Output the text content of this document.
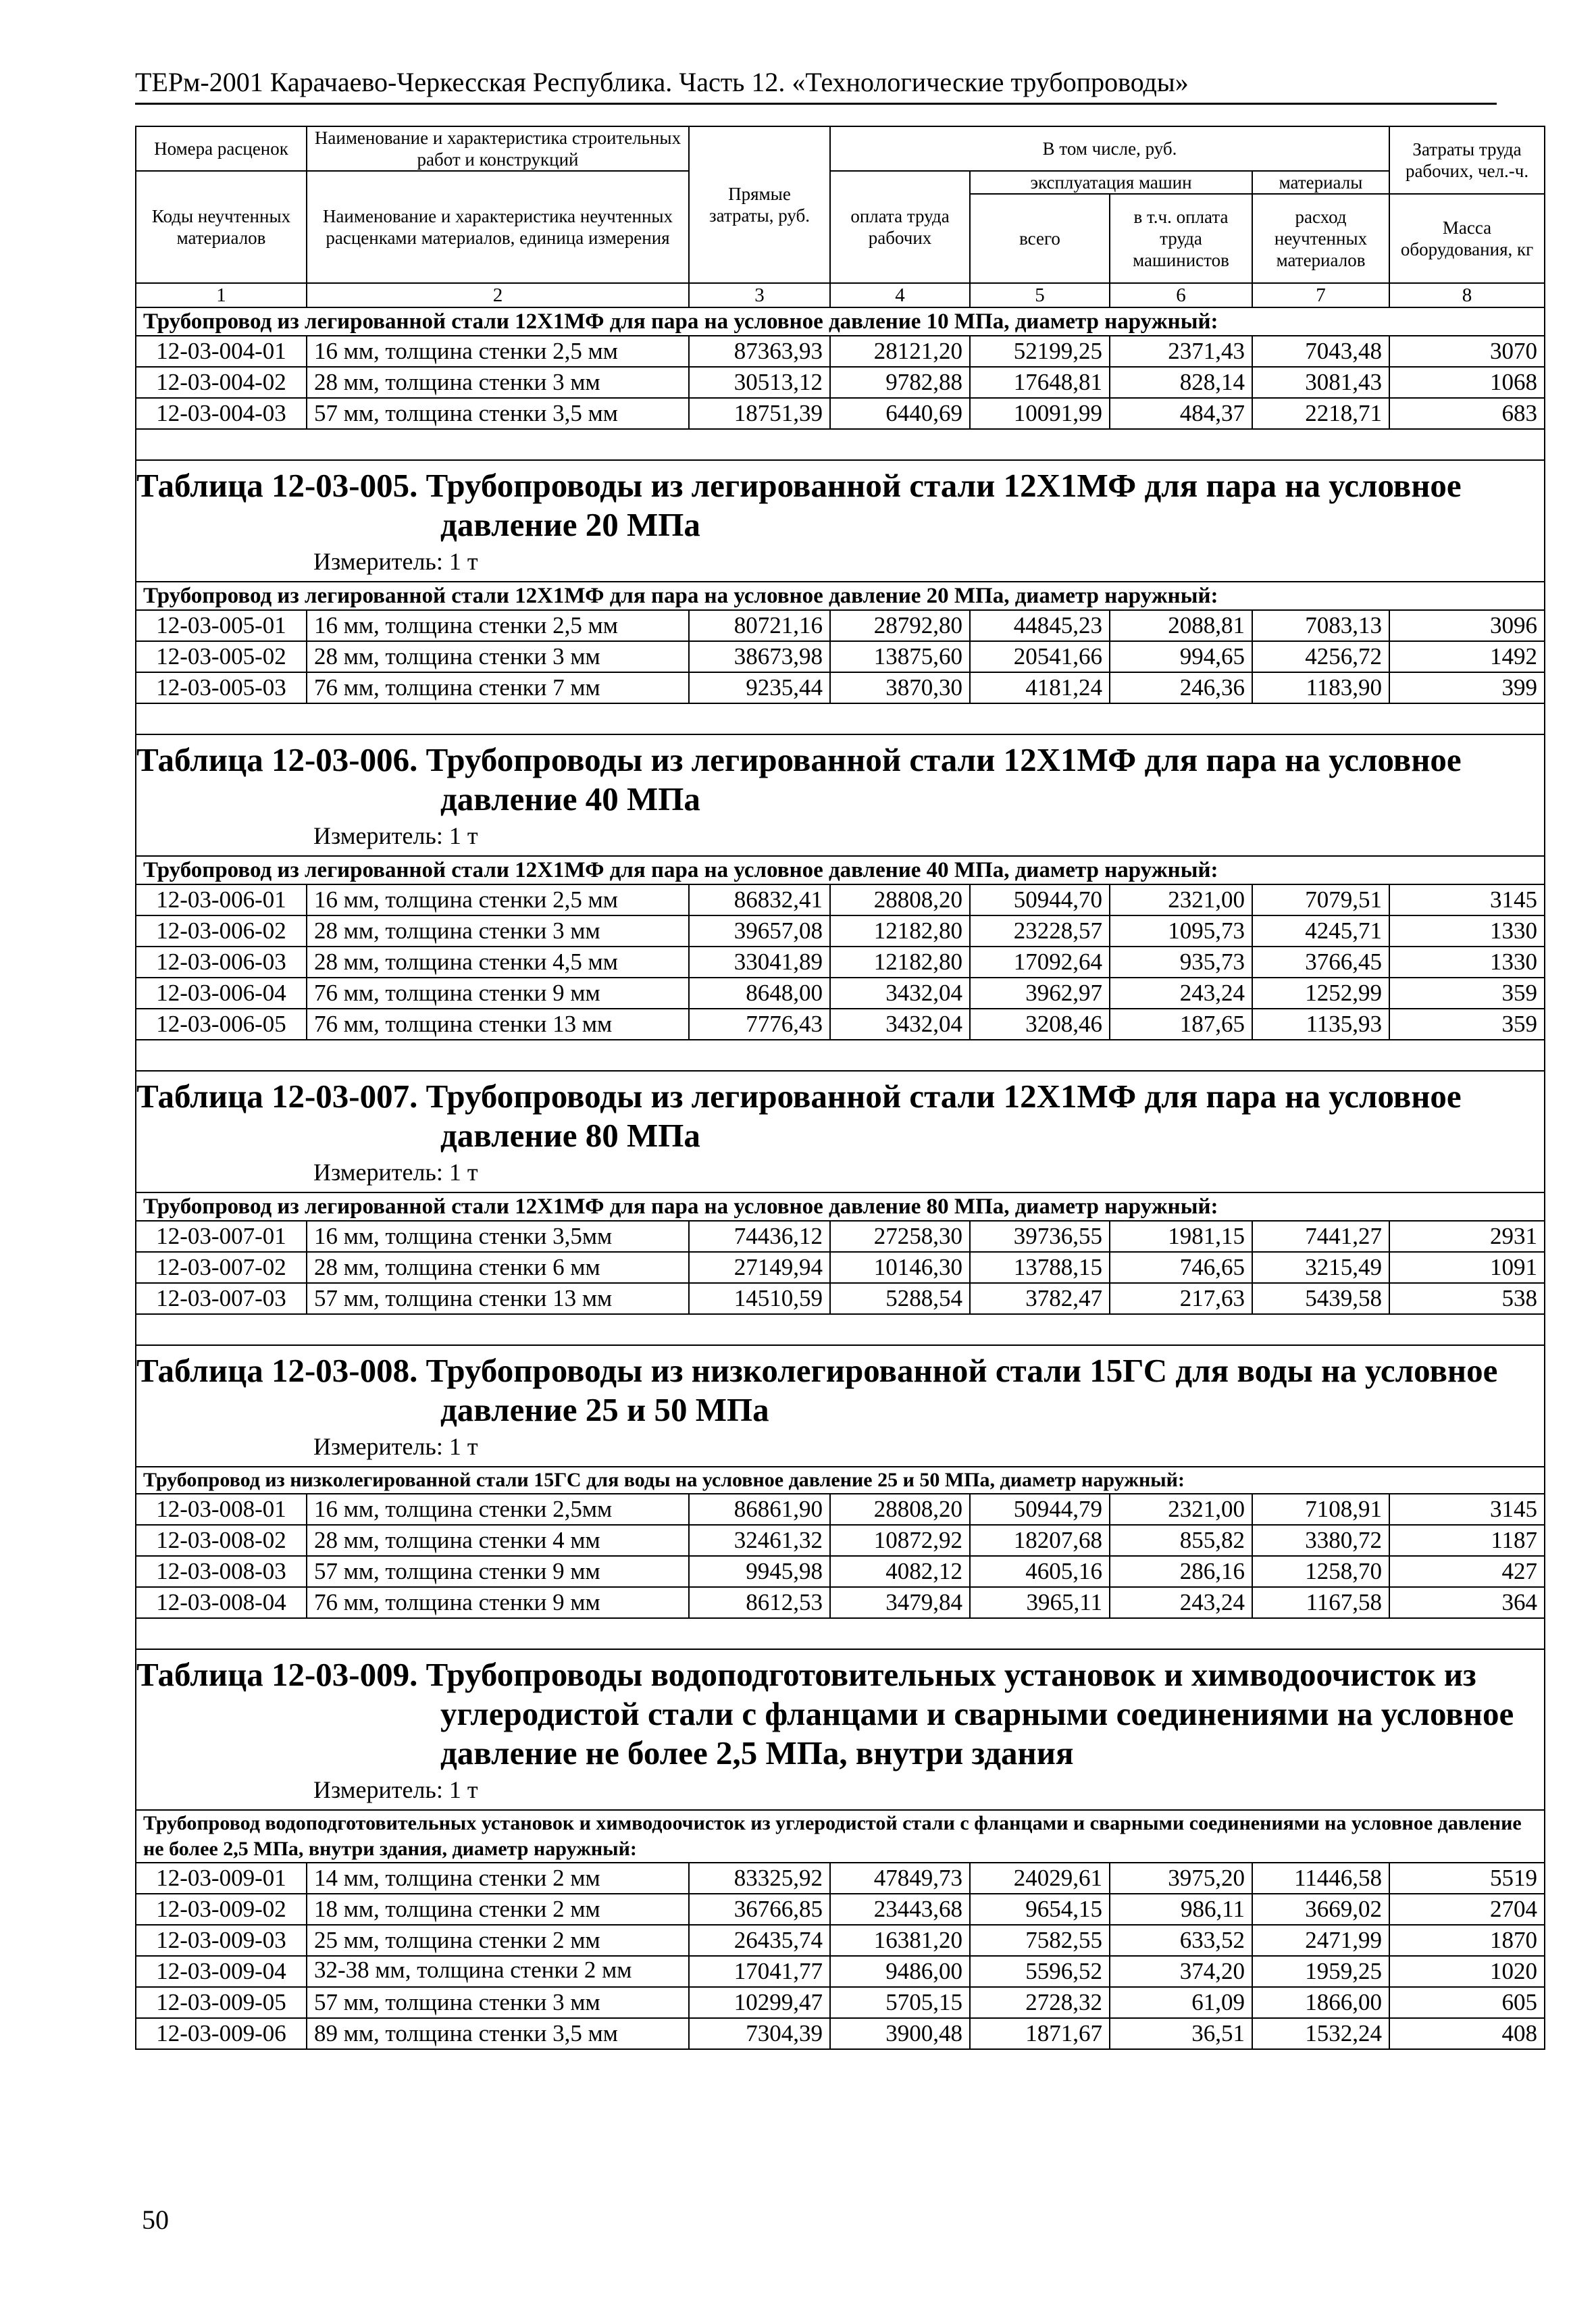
ТЕРм-2001 Карачаево-Черкесская Республика. Часть 12. «Технологические трубопроводы»
Номера расценок	Наименование и характеристика строительных работ и конструкций	Прямые затраты, руб.	В том числе, руб.				Затраты труда рабочих, чел.-ч.
Коды неучтенных материалов	Наименование и характеристика неучтенных расценками материалов, единица измерения		оплата труда рабочих	эксплуатация машин		материалы	
				всего	в т.ч. оплата труда машинистов	расход неучтенных материалов	Масса оборудования, кг
1	2	3	4	5	6	7	8
Трубопровод из легированной стали 12Х1МФ для пара на условное давление 10 МПа, диаметр наружный:							
12-03-004-01	16 мм, толщина стенки 2,5 мм	87363,93	28121,20	52199,25	2371,43	7043,48	3070
12-03-004-02	28 мм, толщина стенки 3 мм	30513,12	9782,88	17648,81	828,14	3081,43	1068
12-03-004-03	57 мм, толщина стенки 3,5 мм	18751,39	6440,69	10091,99	484,37	2218,71	683

Таблица 12-03-005. Трубопроводы из легированной стали 12Х1МФ для пара на условное давление 20 МПа

Измеритель: 1 т							

Трубопровод из легированной стали 12Х1МФ для пара на условное давление 20 МПа, диаметр наружный:							
12-03-005-01	16 мм, толщина стенки 2,5 мм	80721,16	28792,80	44845,23	2088,81	7083,13	3096
12-03-005-02	28 мм, толщина стенки 3 мм	38673,98	13875,60	20541,66	994,65	4256,72	1492
12-03-005-03	76 мм, толщина стенки 7 мм	9235,44	3870,30	4181,24	246,36	1183,90	399

Таблица 12-03-006. Трубопроводы из легированной стали 12Х1МФ для пара на условное давление 40 МПа

Измеритель: 1 т							

Трубопровод из легированной стали 12Х1МФ для пара на условное давление 40 МПа, диаметр наружный:							
12-03-006-01	16 мм, толщина стенки 2,5 мм	86832,41	28808,20	50944,70	2321,00	7079,51	3145
12-03-006-02	28 мм, толщина стенки 3 мм	39657,08	12182,80	23228,57	1095,73	4245,71	1330
12-03-006-03	28 мм, толщина стенки 4,5 мм	33041,89	12182,80	17092,64	935,73	3766,45	1330
12-03-006-04	76 мм, толщина стенки 9 мм	8648,00	3432,04	3962,97	243,24	1252,99	359
12-03-006-05	76 мм, толщина стенки 13 мм	7776,43	3432,04	3208,46	187,65	1135,93	359

Таблица 12-03-007. Трубопроводы из легированной стали 12Х1МФ для пара на условное давление 80 МПа

Измеритель: 1 т							

Трубопровод из легированной стали 12Х1МФ для пара на условное давление 80 МПа, диаметр наружный:							
12-03-007-01	16 мм, толщина стенки 3,5мм	74436,12	27258,30	39736,55	1981,15	7441,27	2931
12-03-007-02	28 мм, толщина стенки 6 мм	27149,94	10146,30	13788,15	746,65	3215,49	1091
12-03-007-03	57 мм, толщина стенки 13 мм	14510,59	5288,54	3782,47	217,63	5439,58	538

Таблица 12-03-008. Трубопроводы из низколегированной стали 15ГС для воды на условное давление 25 и 50 МПа

Измеритель: 1 т							

Трубопровод из низколегированной стали 15ГС для воды на условное давление 25 и 50 МПа, диаметр наружный:							
12-03-008-01	16 мм, толщина стенки 2,5мм	86861,90	28808,20	50944,79	2321,00	7108,91	3145
12-03-008-02	28 мм, толщина стенки 4 мм	32461,32	10872,92	18207,68	855,82	3380,72	1187
12-03-008-03	57 мм, толщина стенки 9 мм	9945,98	4082,12	4605,16	286,16	1258,70	427
12-03-008-04	76 мм, толщина стенки 9 мм	8612,53	3479,84	3965,11	243,24	1167,58	364

Таблица 12-03-009. Трубопроводы водоподготовительных установок и химводоочисток из углеродистой стали с фланцами и сварными соединениями на условное давление не более 2,5 МПа, внутри здания

Измеритель: 1 т							

Трубопровод водоподготовительных установок и химводоочисток из углеродистой стали с фланцами и сварными соединениями на условное давление не более 2,5 МПа, внутри здания, диаметр наружный:							
12-03-009-01	14 мм, толщина стенки 2 мм	83325,92	47849,73	24029,61	3975,20	11446,58	5519
12-03-009-02	18 мм, толщина стенки 2 мм	36766,85	23443,68	9654,15	986,11	3669,02	2704
12-03-009-03	25 мм, толщина стенки 2 мм	26435,74	16381,20	7582,55	633,52	2471,99	1870
12-03-009-04	32-38 мм, толщина стенки 2 мм	17041,77	9486,00	5596,52	374,20	1959,25	1020
12-03-009-05	57 мм, толщина стенки 3 мм	10299,47	5705,15	2728,32	61,09	1866,00	605
12-03-009-06	89 мм, толщина стенки 3,5 мм	7304,39	3900,48	1871,67	36,51	1532,24	408
50
